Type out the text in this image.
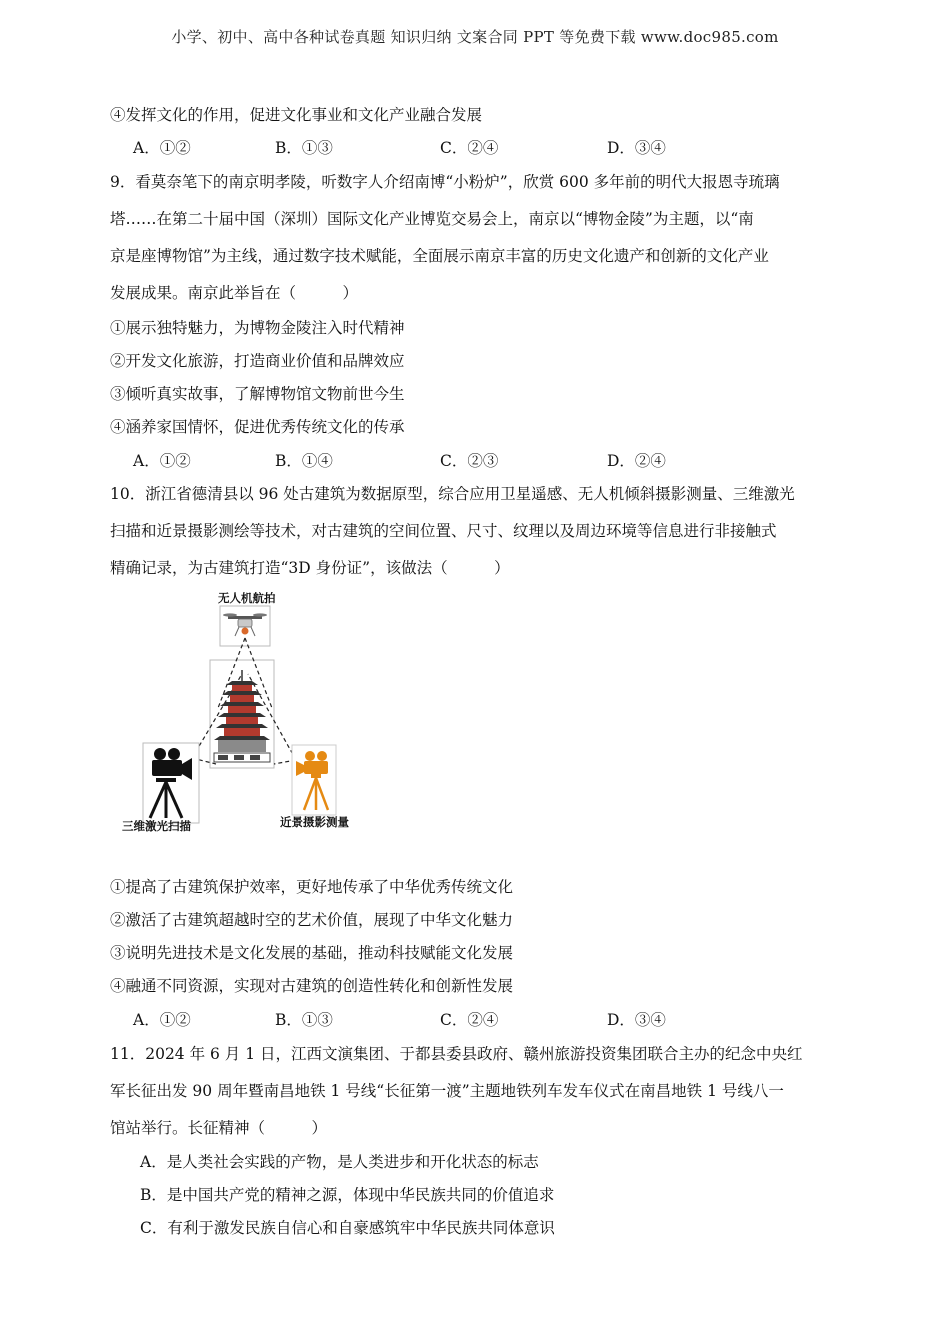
小学、初中、高中各种试卷真题 知识归纳 文案合同 PPT 等免费下载 www.doc985.com
④发挥文化的作用，促进文化事业和文化产业融合发展
A．①②	B．①③	C．②④	D．③④
9．看莫奈笔下的南京明孝陵，听数字人介绍南博“小粉炉”，欣赏 600 多年前的明代大报恩寺琉璃
塔……在第二十届中国（深圳）国际文化产业博览交易会上，南京以“博物金陵”为主题，以“南
京是座博物馆”为主线，通过数字技术赋能，全面展示南京丰富的历史文化遗产和创新的文化产业
发展成果。南京此举旨在（　　　）
①展示独特魅力，为博物金陵注入时代精神
②开发文化旅游，打造商业价值和品牌效应
③倾听真实故事，了解博物馆文物前世今生
④涵养家国情怀，促进优秀传统文化的传承
A．①②	B．①④	C．②③	D．②④
10．浙江省德清县以 96 处古建筑为数据原型，综合应用卫星遥感、无人机倾斜摄影测量、三维激光
扫描和近景摄影测绘等技术，对古建筑的空间位置、尺寸、纹理以及周边环境等信息进行非接触式
精确记录，为古建筑打造“3D 身份证”，该做法（　　　）
无人机航拍
三维激光扫描	近景摄影测量
①提高了古建筑保护效率，更好地传承了中华优秀传统文化
②激活了古建筑超越时空的艺术价值，展现了中华文化魅力
③说明先进技术是文化发展的基础，推动科技赋能文化发展
④融通不同资源，实现对古建筑的创造性转化和创新性发展
A．①②	B．①③	C．②④	D．③④
11．2024 年 6 月 1 日，江西文演集团、于都县委县政府、赣州旅游投资集团联合主办的纪念中央红
军长征出发 90 周年暨南昌地铁 1 号线“长征第一渡”主题地铁列车发车仪式在南昌地铁 1 号线八一
馆站举行。长征精神（　　　）
A．是人类社会实践的产物，是人类进步和开化状态的标志
B．是中国共产党的精神之源，体现中华民族共同的价值追求
C．有利于激发民族自信心和自豪感筑牢中华民族共同体意识
